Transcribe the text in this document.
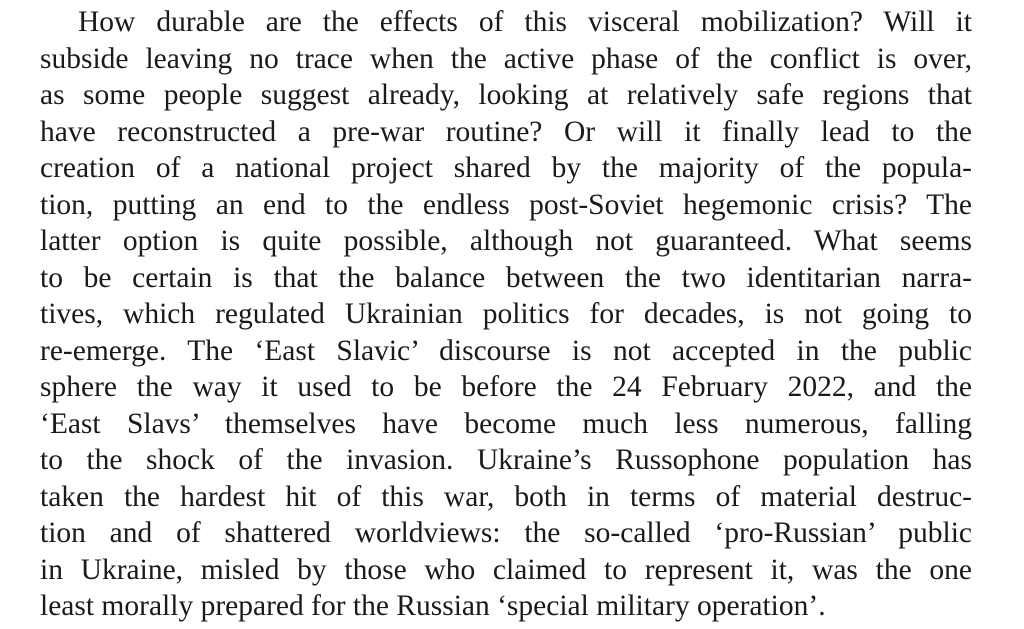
How durable are the effects of this visceral mobilization? Will it
subside leaving no trace when the active phase of the conflict is over,
as some people suggest already, looking at relatively safe regions that
have reconstructed a pre-war routine? Or will it finally lead to the
creation of a national project shared by the majority of the popula-
tion, putting an end to the endless post-Soviet hegemonic crisis? The
latter option is quite possible, although not guaranteed. What seems
to be certain is that the balance between the two identitarian narra-
tives, which regulated Ukrainian politics for decades, is not going to
re-emerge. The ‘East Slavic’ discourse is not accepted in the public
sphere the way it used to be before the 24 February 2022, and the
‘East Slavs’ themselves have become much less numerous, falling
to the shock of the invasion. Ukraine’s Russophone population has
taken the hardest hit of this war, both in terms of material destruc-
tion and of shattered worldviews: the so-called ‘pro-Russian’ public
in Ukraine, misled by those who claimed to represent it, was the one
least morally prepared for the Russian ‘special military operation’.
